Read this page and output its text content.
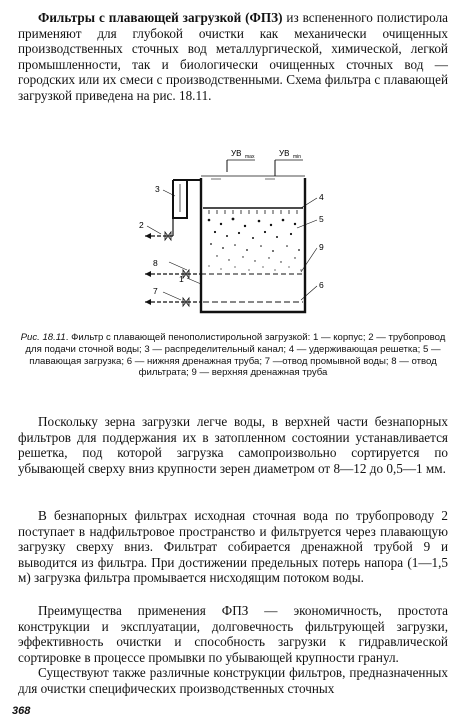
Фильтры с плавающей загрузкой (ФПЗ) из вспененного полистирола применяют для глубокой очистки как механически очищенных производственных сточных вод металлургической, химической, легкой промышленности, так и биологически очищенных сточных вод — городских или их смеси с производственными. Схема фильтра с плавающей загрузкой приведена на рис. 18.11.

УВ max	УВ min
3
2
8
1
7
4
5
9
6

Рис. 18.11. Фильтр с плавающей пенополистирольной загрузкой: 1 — корпус; 2 — трубопровод для подачи сточной воды; 3 — распределительный канал; 4 — удерживающая решетка; 5 — плавающая загрузка; 6 — нижняя дренажная труба; 7 —отвод промывной воды; 8 — отвод фильтрата; 9 — верхняя дренажная труба

Поскольку зерна загрузки легче воды, в верхней части безнапорных фильтров для поддержания их в затопленном состоянии устанавливается решетка, под которой загрузка самопроизвольно сортируется по убывающей сверху вниз крупности зерен диаметром от 8—12 до 0,5—1 мм.

В безнапорных фильтрах исходная сточная вода по трубопроводу 2 поступает в надфильтровое пространство и фильтруется через плавающую загрузку сверху вниз. Фильтрат собирается дренажной трубой 9 и выводится из фильтра. При достижении предельных потерь напора (1—1,5 м) загрузка фильтра промывается нисходящим потоком воды.

Преимущества применения ФПЗ — экономичность, простота конструкции и эксплуатации, долговечность фильтрующей загрузки, эффективность очистки и способность загрузки к гидравлической сортировке в процессе промывки по убывающей крупности гранул.

Существуют также различные конструкции фильтров, предназначенных для очистки специфических производственных сточных

368
